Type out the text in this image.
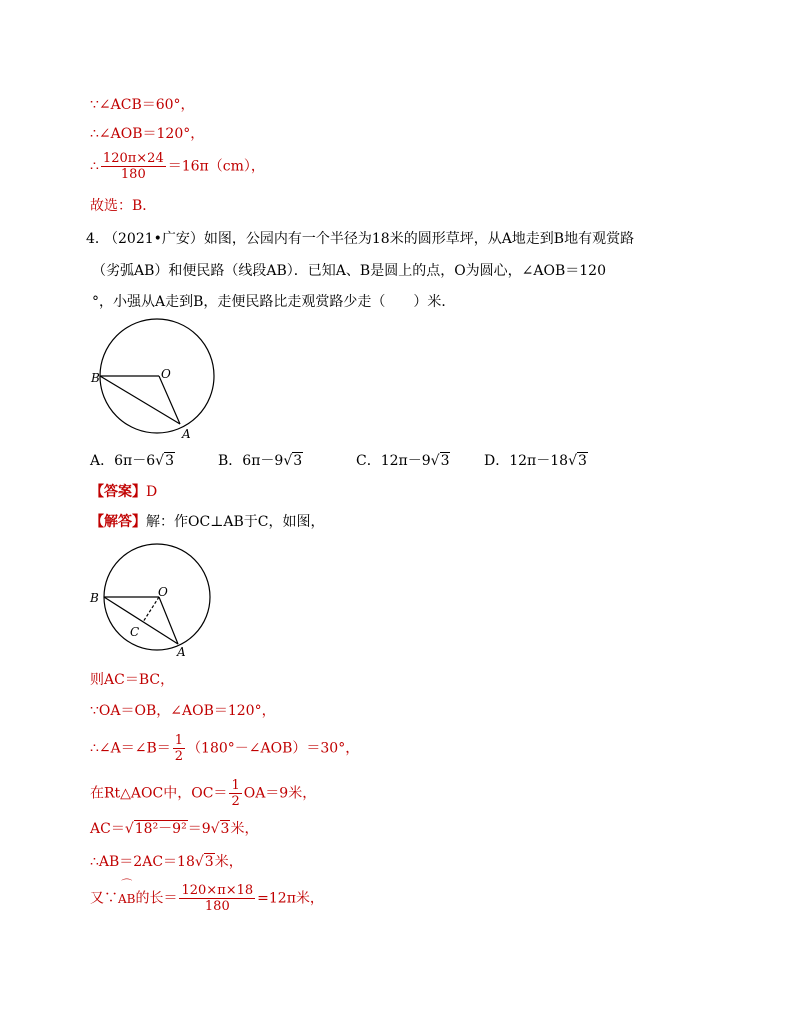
∵∠ACB＝60°，
∴∠AOB＝120°，
∴ $\frac{120\pi\times 24}{180} =16\pi(cm)$，
故选：B．
4．
（2021•广安）如图，公园内有一个半径为18米的圆形草坪，从A地走到B地有观赏路
（劣弧AB）和便民路（线段AB）．已知A、B是圆上的点，O为圆心，∠AOB＝120
°，小强从A走到B，走便民路比走观赏路少走（　　）米．
B	O
A
A．6π－6√3	B．6π－9√3	C．12π－9√3 D．12π－18√3
【答案】D
【解答】解：作OC⊥AB于C，如图，
B	O
A
C
则AC＝BC，
∵OA＝OB，∠AOB＝120°，
∴∠A＝∠B＝ $\frac{1}{2}$ （180°－∠AOB）＝30°，
在Rt△AOC中，$OC= \frac{1}{2} OA=9$米，
AC＝√18²－9²＝9√3米，
∴AB＝2AC＝18√3米，
又∵
⌒
AB的长＝ $\frac{120\times\pi\times 18}{180} =12\pi$米，
